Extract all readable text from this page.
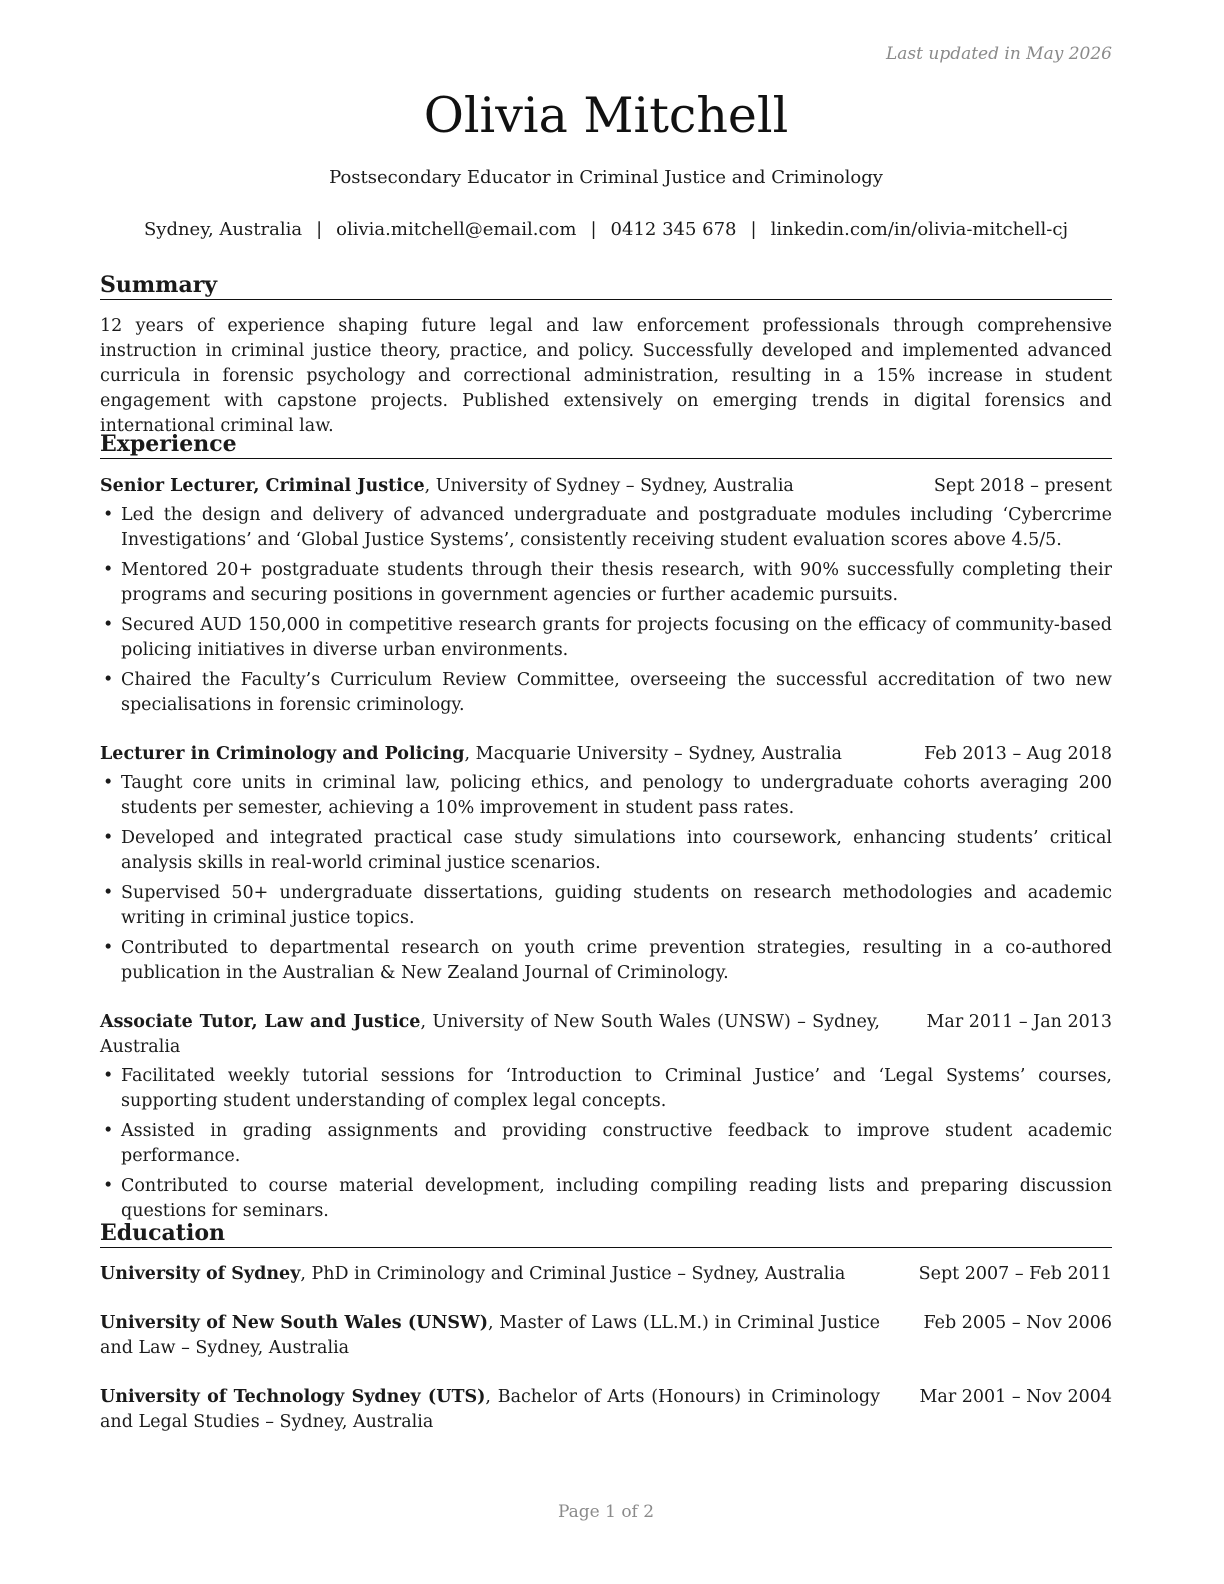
Last updated in May 2026
Olivia Mitchell
Postsecondary Educator in Criminal Justice and Criminology
Sydney, Australia | olivia.mitchell@email.com | 0412 345 678 | linkedin.com/in/olivia-mitchell-cj
Summary
12 years of experience shaping future legal and law enforcement professionals through comprehensive instruction in criminal justice theory, practice, and policy. Successfully developed and implemented advanced curricula in forensic psychology and correctional administration, resulting in a 15% increase in student engagement with capstone projects. Published extensively on emerging trends in digital forensics and international criminal law.
Experience
Senior Lecturer, Criminal Justice, University of Sydney – Sydney, Australia	Sept 2018 – present
• Led the design and delivery of advanced undergraduate and postgraduate modules including ‘Cybercrime Investigations’ and ‘Global Justice Systems’, consistently receiving student evaluation scores above 4.5/5.
• Mentored 20+ postgraduate students through their thesis research, with 90% successfully completing their programs and securing positions in government agencies or further academic pursuits.
• Secured AUD 150,000 in competitive research grants for projects focusing on the efficacy of community-based policing initiatives in diverse urban environments.
• Chaired the Faculty’s Curriculum Review Committee, overseeing the successful accreditation of two new specialisations in forensic criminology.
Lecturer in Criminology and Policing, Macquarie University – Sydney, Australia	Feb 2013 – Aug 2018
• Taught core units in criminal law, policing ethics, and penology to undergraduate cohorts averaging 200 students per semester, achieving a 10% improvement in student pass rates.
• Developed and integrated practical case study simulations into coursework, enhancing students’ critical analysis skills in real-world criminal justice scenarios.
• Supervised 50+ undergraduate dissertations, guiding students on research methodologies and academic writing in criminal justice topics.
• Contributed to departmental research on youth crime prevention strategies, resulting in a co-authored publication in the Australian & New Zealand Journal of Criminology.
Associate Tutor, Law and Justice, University of New South Wales (UNSW) – Sydney, Australia
Mar 2011 – Jan 2013
• Facilitated weekly tutorial sessions for ‘Introduction to Criminal Justice’ and ‘Legal Systems’ courses, supporting student understanding of complex legal concepts.
• Assisted in grading assignments and providing constructive feedback to improve student academic performance.
• Contributed to course material development, including compiling reading lists and preparing discussion questions for seminars.
Education
University of Sydney, PhD in Criminology and Criminal Justice – Sydney, Australia	Sept 2007 – Feb 2011
University of New South Wales (UNSW), Master of Laws (LL.M.) in Criminal Justice and Law – Sydney, Australia
Feb 2005 – Nov 2006
University of Technology Sydney (UTS), Bachelor of Arts (Honours) in Criminology and Legal Studies – Sydney, Australia
Mar 2001 – Nov 2004
Page 1 of 2
